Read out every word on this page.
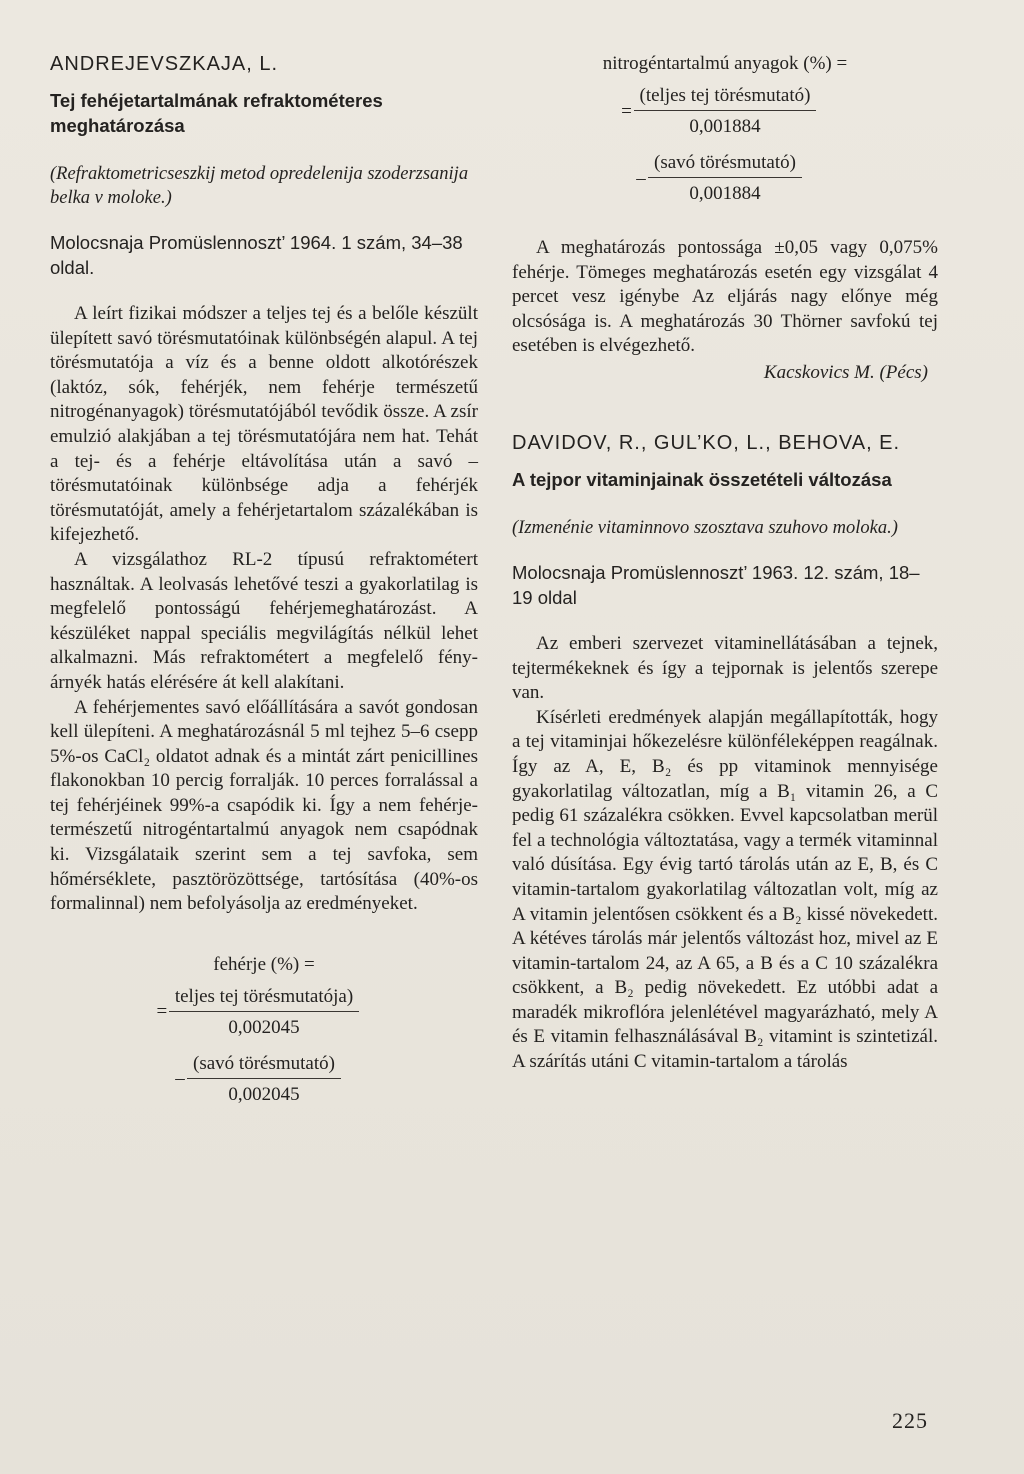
ANDREJEVSZKAJA, L.
Tej fehéjetartalmának refraktométeres meghatározása
(Refraktometricseszkij metod opredelenija szoderzsanija belka v moloke.)
Molocsnaja Promüslennoszt’ 1964. 1 szám, 34–38 oldal.

A leírt fizikai módszer a teljes tej és a belőle készült ülepített savó törésmutatóinak különbségén alapul. A tej törésmutatója a víz és a benne oldott alkotórészek (laktóz, sók, fehérjék, nem fehérje természetű nitrogénanyagok) törésmutatójából tevődik össze. A zsír emulzió alakjában a tej törésmutatójára nem hat. Tehát a tej- és a fehérje eltávolítása után a savó – törésmutatóinak különbsége adja a fehérjék törésmutatóját, amely a fehérjetartalom százalékában is kifejezhető.

A vizsgálathoz RL-2 típusú refraktométert használtak. A leolvasás lehetővé teszi a gyakorlatilag is megfelelő pontosságú fehérjemeghatározást. A készüléket nappal speciális megvilágítás nélkül lehet alkalmazni. Más refraktométert a megfelelő fény-árnyék hatás elérésére át kell alakítani.

A fehérjementes savó előállítására a savót gondosan kell ülepíteni. A meghatározásnál 5 ml tejhez 5–6 csepp 5%-os CaCl₂ oldatot adnak és a mintát zárt penicillines flakonokban 10 percig forralják. 10 perces forralással a tej fehérjéinek 99%-a csapódik ki. Így a nem fehérje-természetű nitrogéntartalmú anyagok nem csapódnak ki. Vizsgálataik szerint sem a tej savfoka, sem hőmérséklete, pasztörözöttsége, tartósítása (40%-os formalinnal) nem befolyásolja az eredményeket.

fehérje (%) =
= $\frac{\text{teljes tej törésmutatója)}}{0,002045}$
– $\frac{\text{(savó törésmutató)}}{0,002045}$
nitrogéntartalmú anyagok (%) =
= $\frac{\text{(teljes tej törésmutató)}}{0,001884}$
– $\frac{\text{(savó törésmutató)}}{0,001884}$

A meghatározás pontossága ±0,05 vagy 0,075% fehérje. Tömeges meghatározás esetén egy vizsgálat 4 percet vesz igénybe Az eljárás nagy előnye még olcsósága is. A meghatározás 30 Thörner savfokú tej esetében is elvégezhető.

Kacskovics M. (Pécs)
DAVIDOV, R., GUL’KO, L., BEHOVA, E.
A tejpor vitaminjainak összetételi változása
(Izmenénie vitaminnovo szosztava szuhovo moloka.)
Molocsnaja Promüslennoszt’ 1963. 12. szám, 18–19 oldal

Az emberi szervezet vitaminellátásában a tejnek, tejtermékeknek és így a tejpornak is jelentős szerepe van.

Kísérleti eredmények alapján megállapították, hogy a tej vitaminjai hőkezelésre különféleképpen reagálnak. Így az A, E, B₂ és pp vitaminok mennyisége gyakorlatilag változatlan, míg a B₁ vitamin 26, a C pedig 61 százalékra csökken. Evvel kapcsolatban merül fel a technológia változtatása, vagy a termék vitaminnal való dúsítása. Egy évig tartó tárolás után az E, B, és C vitamin-tartalom gyakorlatilag változatlan volt, míg az A vitamin jelentősen csökkent és a B₂ kissé növekedett. A kétéves tárolás már jelentős változást hoz, mivel az E vitamin-tartalom 24, az A 65, a B és a C 10 százalékra csökkent, a B₂ pedig növekedett. Ez utóbbi adat a maradék mikroflóra jelenlétével magyarázható, mely A és E vitamin felhasználásával B₂ vitamint is szintetizál. A szárítás utáni C vitamin-tartalom a tárolás

225
